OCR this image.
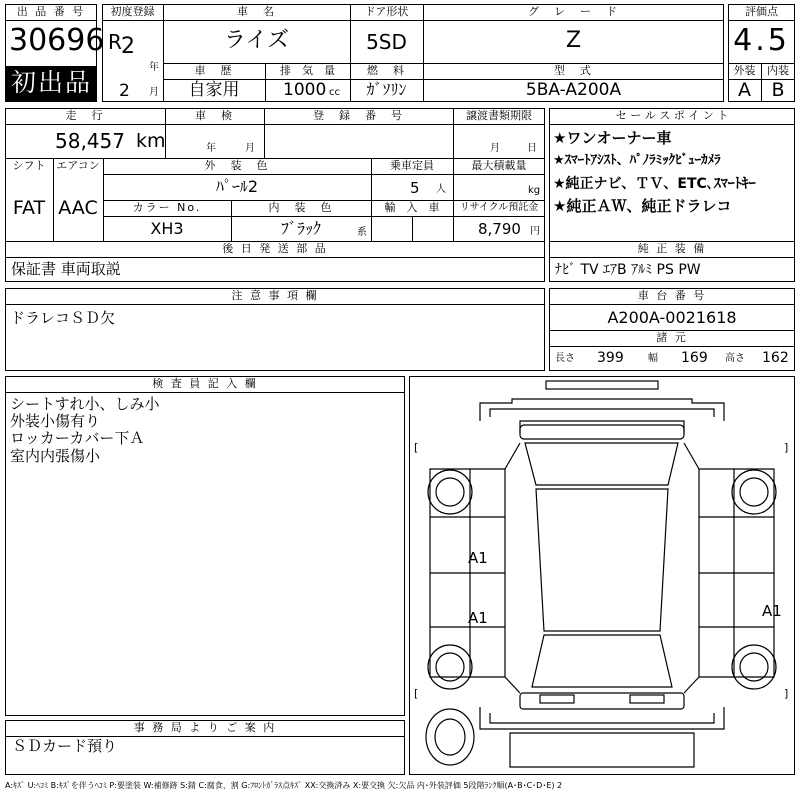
出 品 番 号
30696
初出品
初度登録
R 2
年
2 月
車　名
ライズ
ドア形状
5SD
グ　レ　ー　ド
Z
車　歴
自家用
排　気　量
1000 cc
燃　料
ｶﾞｿﾘﾝ
型　式
5BA-A200A
評価点
4.5
外装	内装
A	B
走　行
58,457 km
車　検
年	月
登　録　番　号	譲渡書類期限
月	日
シフト
FAT
エアコン
AAC
外　装　色
ﾊﾟｰﾙ2
乗車定員
5 人
最大積載量
kg
カラー No.
XH3
内　装　色
ﾌﾞﾗｯｸ	系
輸　入　車	リサイクル預託金
8,790 円
後 日 発 送 部 品
保証書 車両取説
セ ー ル ス ポ イ ン ト
★ワンオーナー車
★ｽﾏｰﾄｱｼｽﾄ、ﾊﾟﾉﾗﾐｯｸﾋﾞｭｰｶﾒﾗ
★純正ナビ、ＴＶ、ETC､ｽﾏｰﾄｷｰ
★純正ＡＷ、純正ドラレコ
純 正 装 備
ﾅﾋﾞ TV ｴｱB ｱﾙﾐ PS PW
注 意 事 項 欄
ドラレコＳＤ欠
車 台 番 号
A200A-0021618
諸 元
長さ 399 幅 169 高さ 162
検 査 員 記 入 欄
シートすれ小、しみ小
外装小傷有り
ロッカーカバー下Ａ
室内内張傷小
事 務 局 よ り ご 案 内
ＳＤカード預り
[	]
[	]
A1
A1	A1
A:ｷｽﾞ U:ﾍｺﾐ B:ｷｽﾞを伴うﾍｺﾐ P:要塗装 W:補修跡 S:錆 C:腐食、割 G:ﾌﾛﾝﾄｶﾞﾗｽ点ｷｽﾞ XX:交換済み X:要交換 欠:欠品 内･外装評価 5段階ﾗﾝｸ順(A･B･C･D･E) 2
